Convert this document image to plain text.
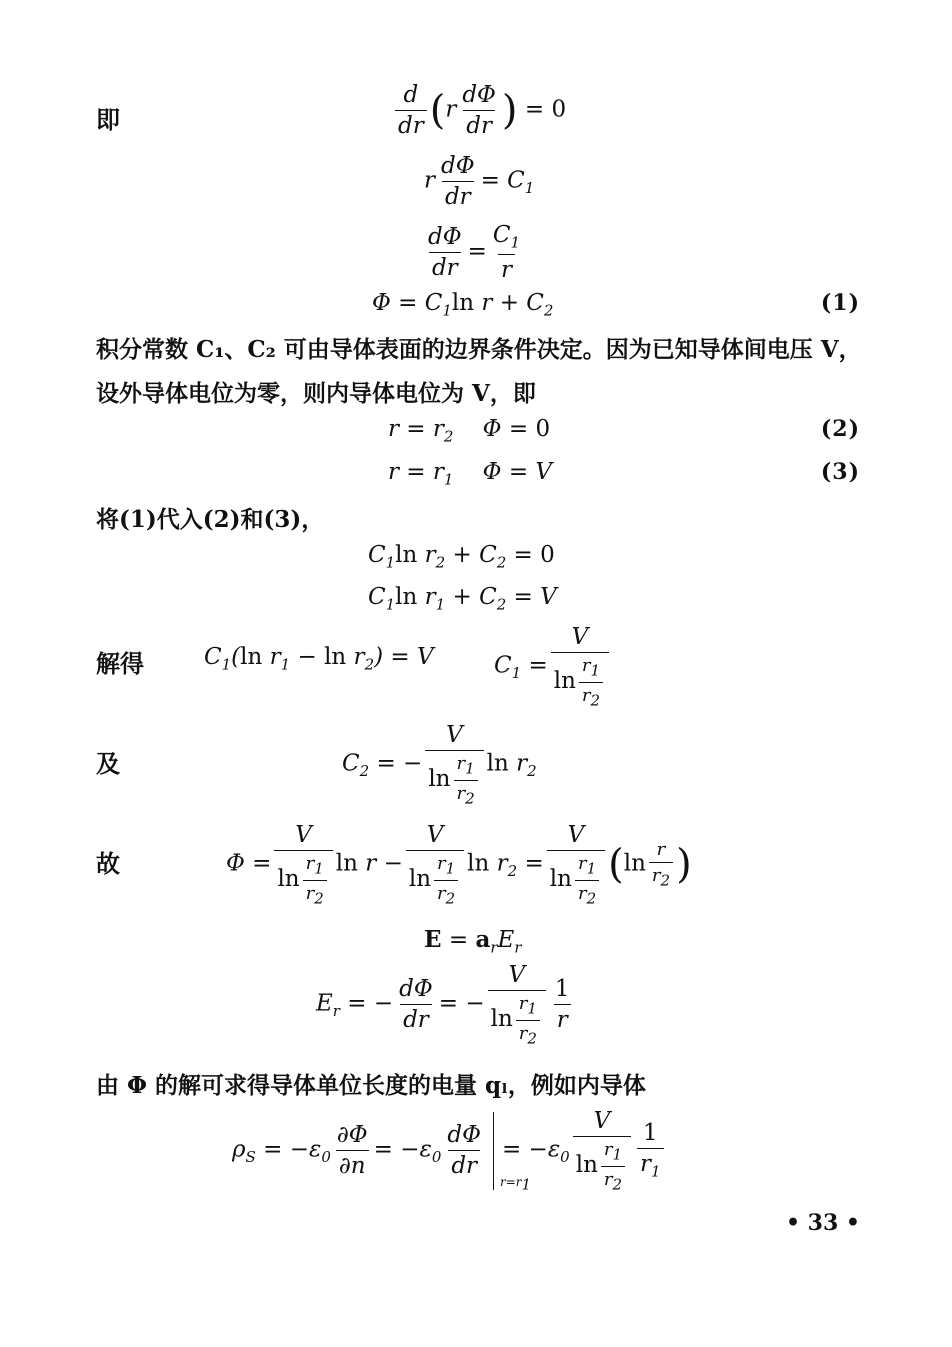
即	$\frac{d}{dr} (r \frac{d\Phi}{dr}$ ) = 0
r $\frac{d\Phi}{dr} = C_1$
$\frac{d\Phi}{dr} = \frac{C_1}{r}$
$\Phi = C_1\ln$ $r + C_2$	(1)
积分常数 C₁、C₂ 可由导体表面的边界条件决定。因为已知导体间电压 V，设外导体电位为零，则内导体电位为 V，即
$r = r_2$    Φ = 0	(2)
$r = r_1$    Φ = V	(3)
将(1)代入(2)和(3)，
$C_1\ln$ $r_2 + C_2 = 0$
$C_1\ln$ $r_1 + C_2 = V$
解得	$C_1(\ln$ $r_1 - \ln r_2) = V$	$C_1 = \frac{V}{\ln \frac{r_1}{r_2}}$
及	$C_2$ = − $\frac{V}{\ln \frac{r_1}{r_2}}$ $\ln r_2$
故	$\Phi = \frac{V}{\ln \frac{r_1}{r_2}}$ $\ln r - \frac{V}{\ln \frac{r_1}{r_2}}$ $\ln r_2 = \frac{V}{\ln \frac{r_1}{r_2}} (\ln \frac{r}{r_2}$ )
$E = a_rE_r$
$E_r$ = − $\frac{d\Phi}{dr}$ = − $\frac{V}{\ln \frac{r_1}{r_2}} \frac{1}{r}$
由 Φ 的解可求得导体单位长度的电量 qₗ，例如内导体
$\rho_S = -\varepsilon_0 \frac{\partial\Phi}{\partial n} = -\varepsilon_0 \frac{d\Phi}{dr}$
$r=r_1$
= $-\varepsilon_0 \frac{V}{\ln \frac{r_1}{r_2}} \frac{1}{r_1}$
• 33 •
